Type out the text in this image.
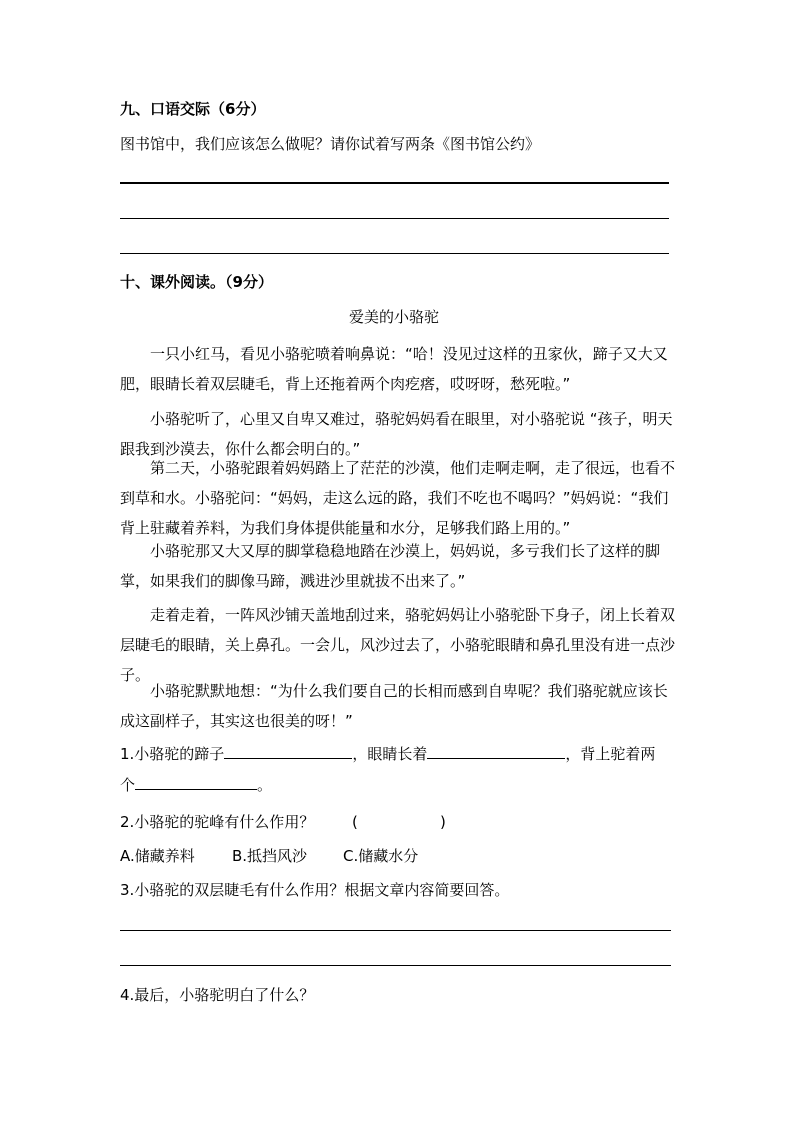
九、口语交际（6分）
图书馆中，我们应该怎么做呢？请你试着写两条《图书馆公约》
十、课外阅读。（9分）
爱美的小骆驼
一只小红马，看见小骆驼喷着响鼻说：“哈！没见过这样的丑家伙，蹄子又大又肥，眼睛长着双层睫毛，背上还拖着两个肉疙瘩，哎呀呀，愁死啦。”
小骆驼听了，心里又自卑又难过，骆驼妈妈看在眼里，对小骆驼说 “孩子，明天跟我到沙漠去，你什么都会明白的。”
第二天，小骆驼跟着妈妈踏上了茫茫的沙漠，他们走啊走啊，走了很远，也看不到草和水。小骆驼问：“妈妈，走这么远的路，我们不吃也不喝吗？”妈妈说：“我们背上驻藏着养料，为我们身体提供能量和水分，足够我们路上用的。”
小骆驼那又大又厚的脚掌稳稳地踏在沙漠上，妈妈说，多亏我们长了这样的脚掌，如果我们的脚像马蹄，溅进沙里就拔不出来了。”
走着走着，一阵风沙铺天盖地刮过来，骆驼妈妈让小骆驼卧下身子，闭上长着双层睫毛的眼睛，关上鼻孔。一会儿，风沙过去了，小骆驼眼睛和鼻孔里没有进一点沙子。
小骆驼默默地想：“为什么我们要自己的长相而感到自卑呢？我们骆驼就应该长成这副样子，其实这也很美的呀！”
1.小骆驼的蹄子	，眼睛长着	，背上驼着两
个	。
2.小骆驼的驼峰有什么作用？	(	)
A.储藏养料 B.抵挡风沙 C.储藏水分
3.小骆驼的双层睫毛有什么作用？根据文章内容简要回答。
4.最后，小骆驼明白了什么？
